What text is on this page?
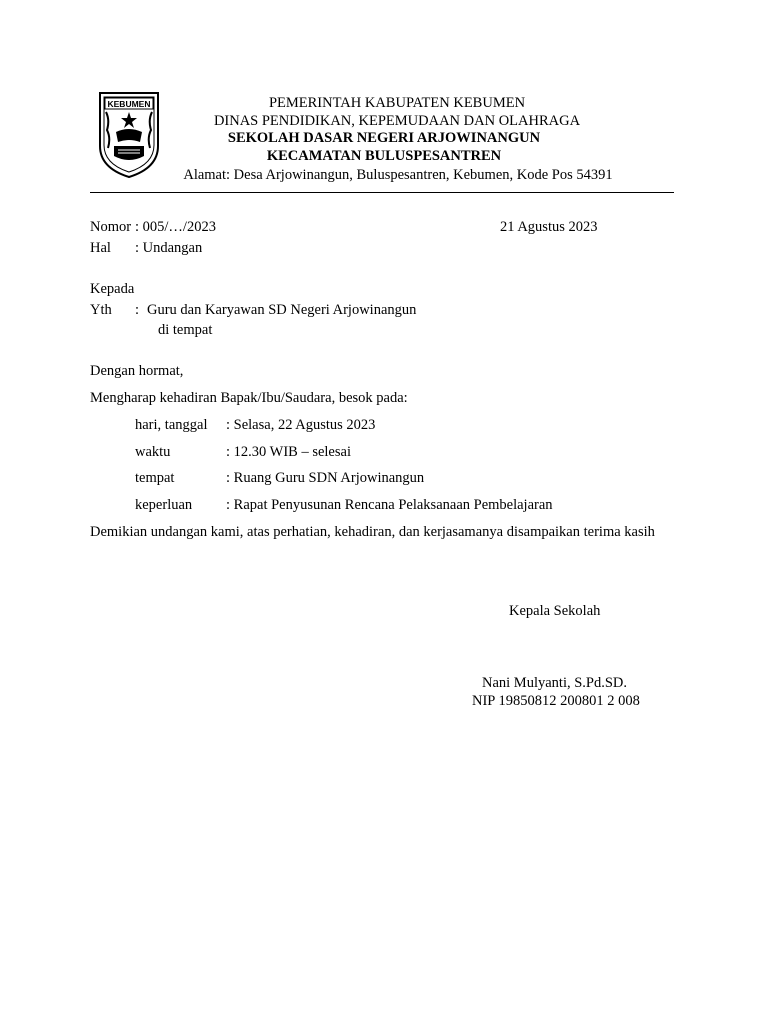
KEBUMEN	PEMERINTAH KABUPATEN KEBUMEN
DINAS PENDIDIKAN, KEPEMUDAAN DAN OLAHRAGA
SEKOLAH DASAR NEGERI ARJOWINANGUN
KECAMATAN BULUSPESANTREN
Alamat: Desa Arjowinangun, Buluspesantren, Kebumen, Kode Pos 54391
Nomor : 005/…/2023	21 Agustus 2023
Hal : Undangan
Kepada
Yth : Guru dan Karyawan SD Negeri Arjowinangun
di tempat
Dengan hormat,
Mengharap kehadiran Bapak/Ibu/Saudara, besok pada:
hari, tanggal : Selasa, 22 Agustus 2023
waktu	: 12.30 WIB – selesai
tempat	: Ruang Guru SDN Arjowinangun
keperluan : Rapat Penyusunan Rencana Pelaksanaan Pembelajaran
Demikian undangan kami, atas perhatian, kehadiran, dan kerjasamanya disampaikan terima kasih
Kepala Sekolah
Nani Mulyanti, S.Pd.SD.
NIP 19850812 200801 2 008
